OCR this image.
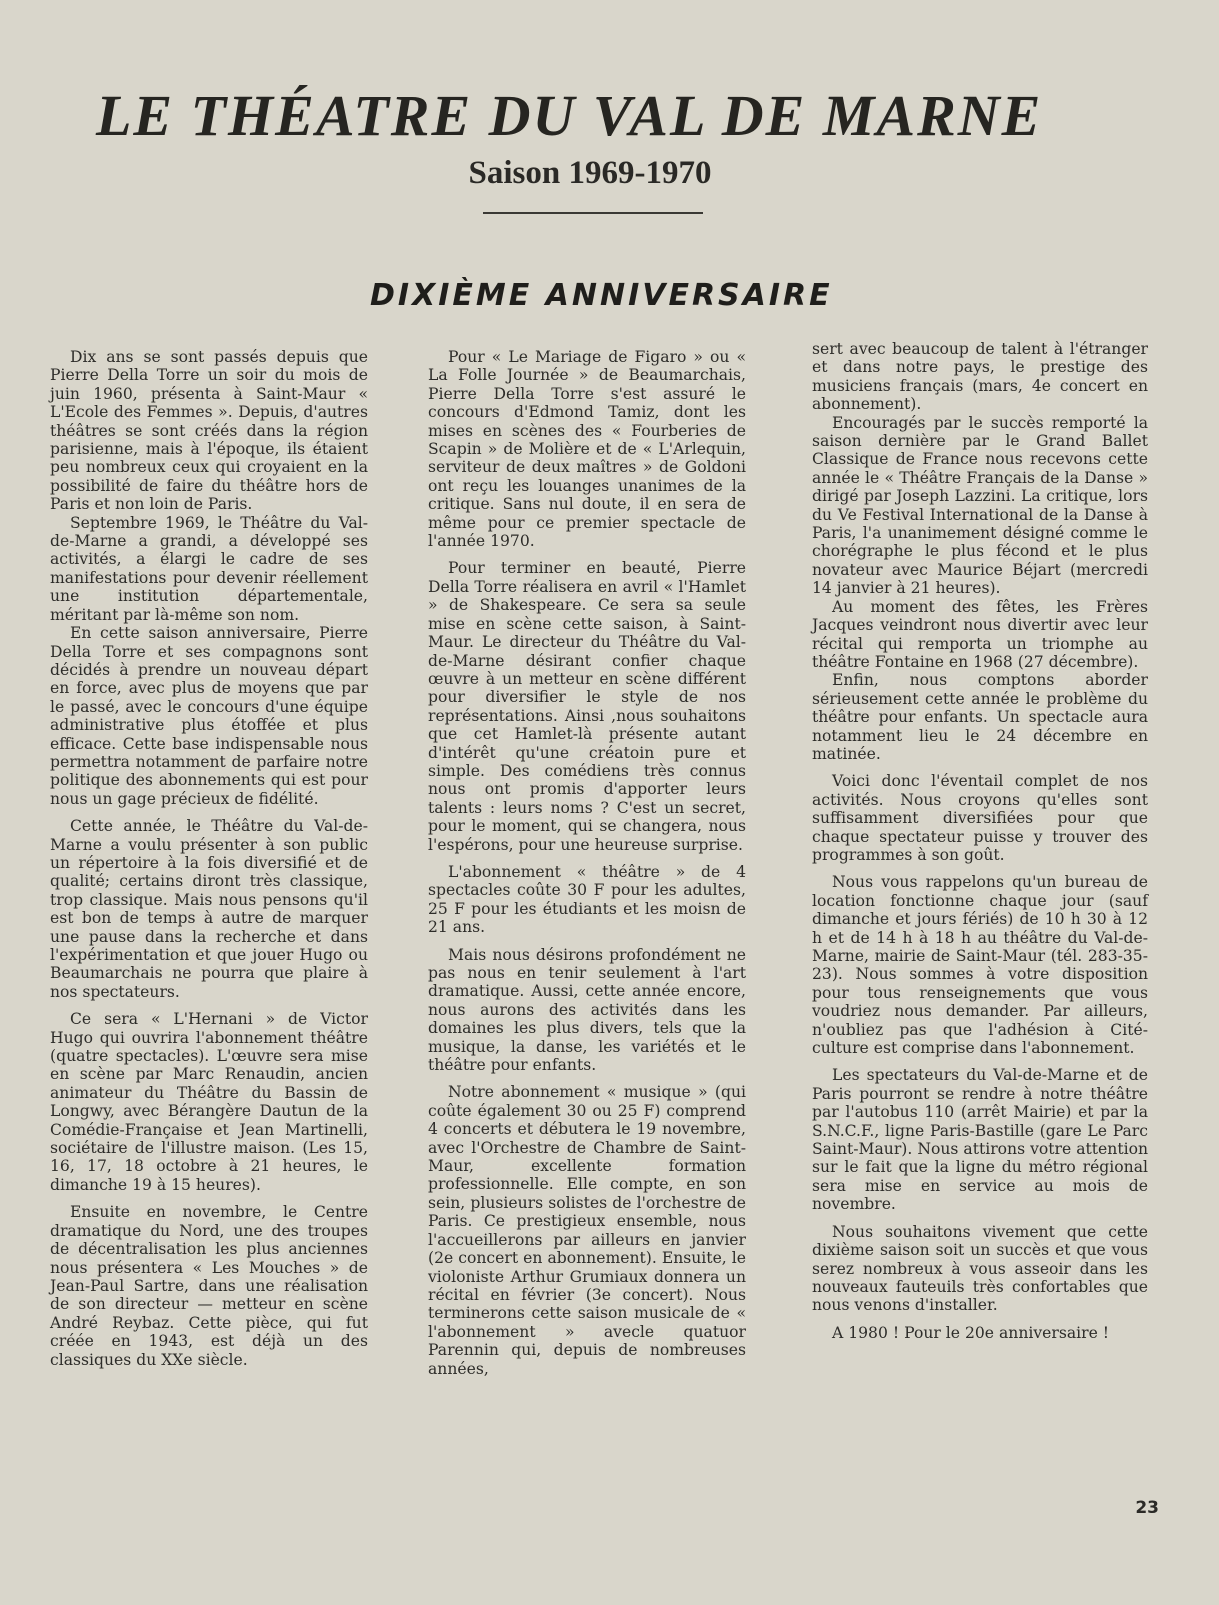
LE THÉATRE DU VAL DE MARNE
Saison 1969-1970
DIXIÈME ANNIVERSAIRE

Dix ans se sont passés depuis que Pierre Della Torre un soir du mois de juin 1960, présenta à Saint-Maur « L'Ecole des Femmes ». Depuis, d'autres théâtres se sont créés dans la région parisienne, mais à l'époque, ils étaient peu nombreux ceux qui croyaient en la possibilité de faire du théâtre hors de Paris et non loin de Paris.

Septembre 1969, le Théâtre du Val-de-Marne a grandi, a développé ses activités, a élargi le cadre de ses manifestations pour devenir réellement une institution départementale, méritant par là-même son nom.

En cette saison anniversaire, Pierre Della Torre et ses compagnons sont décidés à prendre un nouveau départ en force, avec plus de moyens que par le passé, avec le concours d'une équipe administrative plus étoffée et plus efficace. Cette base indispensable nous permettra notamment de parfaire notre politique des abonnements qui est pour nous un gage précieux de fidélité.

Cette année, le Théâtre du Val-de-Marne a voulu présenter à son public un répertoire à la fois diversifié et de qualité; certains diront très classique, trop classique. Mais nous pensons qu'il est bon de temps à autre de marquer une pause dans la recherche et dans l'expérimentation et que jouer Hugo ou Beaumarchais ne pourra que plaire à nos spectateurs.

Ce sera « L'Hernani » de Victor Hugo qui ouvrira l'abonnement théâtre (quatre spectacles). L'œuvre sera mise en scène par Marc Renaudin, ancien animateur du Théâtre du Bassin de Longwy, avec Bérangère Dautun de la Comédie-Française et Jean Martinelli, sociétaire de l'illustre maison. (Les 15, 16, 17, 18 octobre à 21 heures, le dimanche 19 à 15 heures).

Ensuite en novembre, le Centre dramatique du Nord, une des troupes de décentralisation les plus anciennes nous présentera « Les Mouches » de Jean-Paul Sartre, dans une réalisation de son directeur — metteur en scène André Reybaz. Cette pièce, qui fut créée en 1943, est déjà un des classiques du XXe siècle.

Pour « Le Mariage de Figaro » ou « La Folle Journée » de Beaumarchais, Pierre Della Torre s'est assuré le concours d'Edmond Tamiz, dont les mises en scènes des « Fourberies de Scapin » de Molière et de « L'Arlequin, serviteur de deux maîtres » de Goldoni ont reçu les louanges unanimes de la critique. Sans nul doute, il en sera de même pour ce premier spectacle de l'année 1970.

Pour terminer en beauté, Pierre Della Torre réalisera en avril « l'Hamlet » de Shakespeare. Ce sera sa seule mise en scène cette saison, à Saint-Maur. Le directeur du Théâtre du Val-de-Marne désirant confier chaque œuvre à un metteur en scène différent pour diversifier le style de nos représentations. Ainsi ,nous souhaitons que cet Hamlet-là présente autant d'intérêt qu'une créatoin pure et simple. Des comédiens très connus nous ont promis d'apporter leurs talents : leurs noms ? C'est un secret, pour le moment, qui se changera, nous l'espérons, pour une heureuse surprise.

L'abonnement « théâtre » de 4 spectacles coûte 30 F pour les adultes, 25 F pour les étudiants et les moisn de 21 ans.

Mais nous désirons profondément ne pas nous en tenir seulement à l'art dramatique. Aussi, cette année encore, nous aurons des activités dans les domaines les plus divers, tels que la musique, la danse, les variétés et le théâtre pour enfants.

Notre abonnement « musique » (qui coûte également 30 ou 25 F) comprend 4 concerts et débutera le 19 novembre, avec l'Orchestre de Chambre de Saint-Maur, excellente formation professionnelle. Elle compte, en son sein, plusieurs solistes de l'orchestre de Paris. Ce prestigieux ensemble, nous l'accueillerons par ailleurs en janvier (2e concert en abonnement). Ensuite, le violoniste Arthur Grumiaux donnera un récital en février (3e concert). Nous terminerons cette saison musicale de « l'abonnement » avecle quatuor Parennin qui, depuis de nombreuses années,

sert avec beaucoup de talent à l'étranger et dans notre pays, le prestige des musiciens français (mars, 4e concert en abonnement).

Encouragés par le succès remporté la saison dernière par le Grand Ballet Classique de France nous recevons cette année le « Théâtre Français de la Danse » dirigé par Joseph Lazzini. La critique, lors du Ve Festival International de la Danse à Paris, l'a unanimement désigné comme le chorégraphe le plus fécond et le plus novateur avec Maurice Béjart (mercredi 14 janvier à 21 heures).

Au moment des fêtes, les Frères Jacques veindront nous divertir avec leur récital qui remporta un triomphe au théâtre Fontaine en 1968 (27 décembre).

Enfin, nous comptons aborder sérieusement cette année le problème du théâtre pour enfants. Un spectacle aura notamment lieu le 24 décembre en matinée.

Voici donc l'éventail complet de nos activités. Nous croyons qu'elles sont suffisamment diversifiées pour que chaque spectateur puisse y trouver des programmes à son goût.

Nous vous rappelons qu'un bureau de location fonctionne chaque jour (sauf dimanche et jours fériés) de 10 h 30 à 12 h et de 14 h à 18 h au théâtre du Val-de-Marne, mairie de Saint-Maur (tél. 283-35-23). Nous sommes à votre disposition pour tous renseignements que vous voudriez nous demander. Par ailleurs, n'oubliez pas que l'adhésion à Cité-culture est comprise dans l'abonnement.

Les spectateurs du Val-de-Marne et de Paris pourront se rendre à notre théâtre par l'autobus 110 (arrêt Mairie) et par la S.N.C.F., ligne Paris-Bastille (gare Le Parc Saint-Maur). Nous attirons votre attention sur le fait que la ligne du métro régional sera mise en service au mois de novembre.

Nous souhaitons vivement que cette dixième saison soit un succès et que vous serez nombreux à vous asseoir dans les nouveaux fauteuils très confortables que nous venons d'installer.

A 1980 ! Pour le 20e anniversaire !

23
